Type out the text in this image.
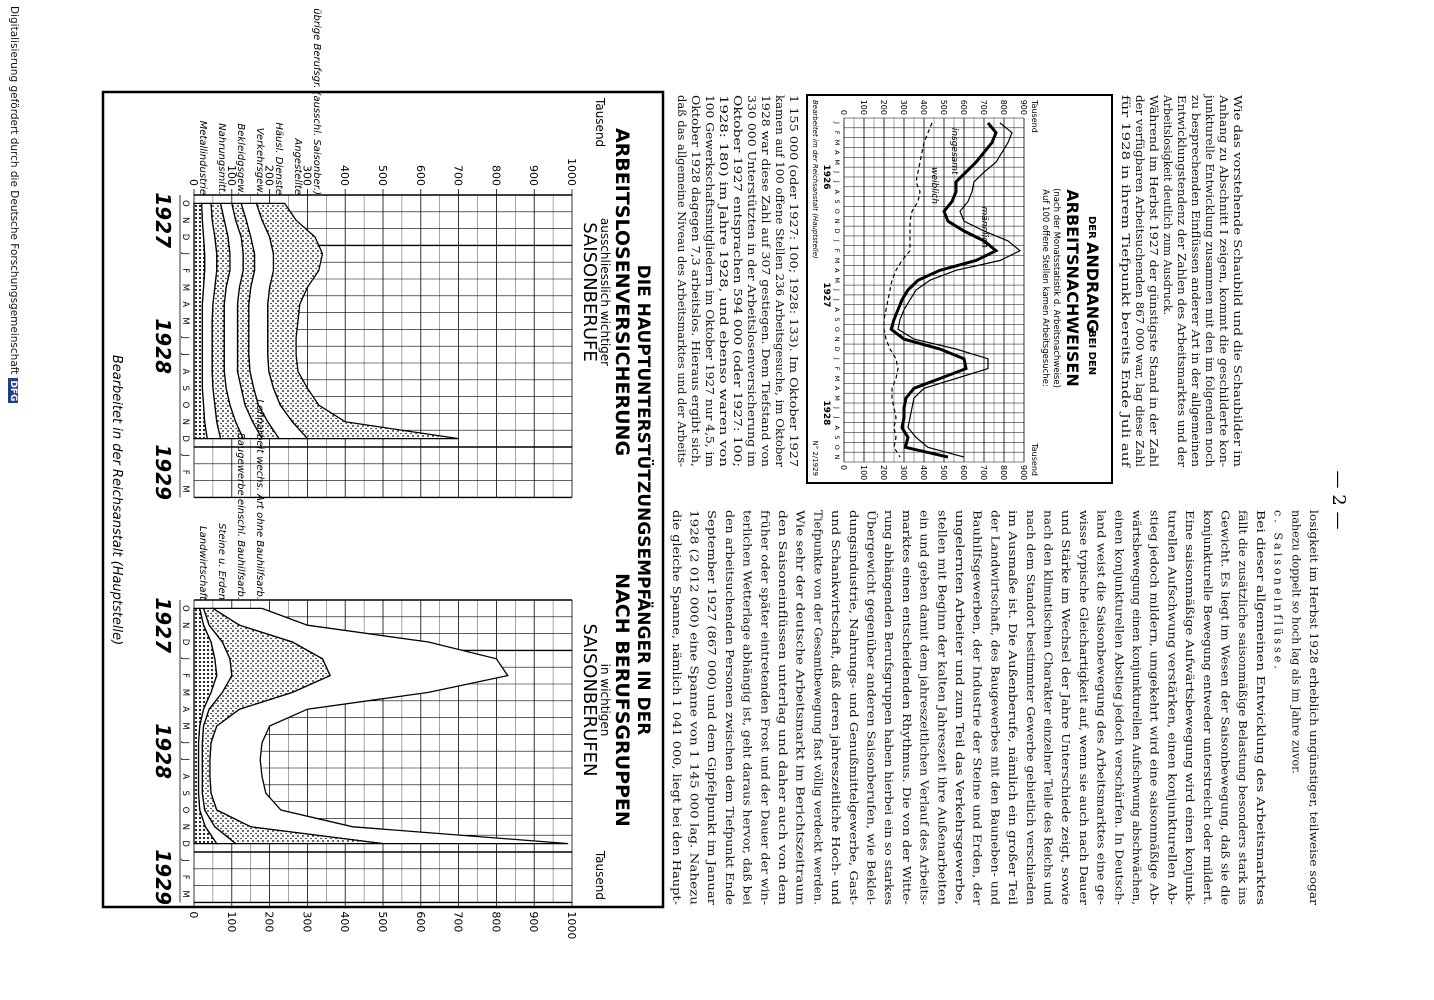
— 2 —
Wie das vorstehende Schaubild und die Schaubilder im
Anhang zu Abschnitt I zeigen, kommt die geschilderte kon-
junkturelle Entwicklung zusammen mit den im folgenden noch
zu besprechenden Einflüssen anderer Art in der allgemeinen
Entwicklungstendenz der Zahlen des Arbeitsmarktes und der
Arbeitslosigkeit deutlich zum Ausdruck.
Während im Herbst 1927 der günstigste Stand in der Zahl
der verfügbaren Arbeitsuchenden 867 000 war, lag diese Zahl
für 1928 in ihrem Tiefpunkt bereits Ende Juli auf
DER
ANDRANG
BEI DEN
ARBEITSNACHWEISEN
(nach der Monatsstatistik d. Arbeitsnachweise)
Auf 100 offene Stellen kamen Arbeitsgesuche:
Tausend
Tausend
0
0
100
100
200
200
300
300
400
400
500
500
600
600
700
700
800
800
900
900
J
F
M
A
M
J
J
A
S
O
N
D
J
F
M
A
M
J
J
A
S
O
N
D
J
F
M
A
M
J
J
A
S
O
N
1926
1927
1928
männlich
insgesamt
weiblich
Bearbeitet im der Reichsanstalt (Hauptstelle)
N° 2/1929
1 155 000 (oder 1927: 100; 1928: 133). Im Oktober 1927
kamen auf 100 offene Stellen 236 Arbeitsgesuche, im Oktober
1928 war diese Zahl auf 307 gestiegen. Dem Tiefstand von
330 000 Unterstützten in der Arbeitslosenversicherung im
Oktober 1927 entsprachen 594 000 (oder 1927: 100;
1928: 180) im Jahre 1928, und ebenso waren von
100 Gewerkschaftsmitgliedern im Oktober 1927 nur 4,5, im
Oktober 1928 dagegen 7,3 arbeitslos. Hieraus ergibt sich,
daß das allgemeine Niveau des Arbeitsmarktes und der Arbeits-
losigkeit im Herbst 1928 erheblich ungünstiger, teilweise sogar
nahezu doppelt so hoch lag als im Jahre zuvor.
c. Saisoneinflüsse.
Bei dieser allgemeinen Entwicklung des Arbeitsmarktes
fällt die zusätzliche saisonmäßige Belastung besonders stark ins
Gewicht. Es liegt im Wesen der Saisonbewegung, daß sie die
konjunkturelle Bewegung entweder unterstreicht oder mildert.
Eine saisonmäßige Aufwärtsbewegung wird einen konjunk-
turellen Aufschwung verstärken, einen konjunkturellen Ab-
stieg jedoch mildern, umgekehrt wird eine saisonmäßige Ab-
wärtsbewegung einen konjunkturellen Aufschwung abschwächen,
einen konjunkturellen Abstieg jedoch verschärfen. In Deutsch-
land weist die Saisonbewegung des Arbeitsmarktes eine ge-
wisse typische Gleichartigkeit auf, wenn sie auch nach Dauer
und Stärke im Wechsel der Jahre Unterschiede zeigt, sowie
nach den klimatischen Charakter einzelner Teile des Reichs und
nach dem Standort bestimmter Gewerbe gebietlich verschieden
im Ausmaße ist. Die Außenberufe, nämlich ein großer Teil
der Landwirtschaft, des Baugewerbes mit den Bauneben- und
Bauhilfsgewerben, der Industrie der Steine und Erden, der
ungelernten Arbeiter und zum Teil das Verkehrsgewerbe,
stellen mit Beginn der kalten Jahreszeit ihre Außenarbeiten
ein und geben damit dem jahreszeitlichen Verlauf des Arbeits-
marktes einen entscheidenden Rhythmus. Die von der Witte-
rung abhängenden Berufsgruppen haben hierbei ein so starkes
Übergewicht gegenüber anderen Saisonberufen, wie Beklei-
dungsindustrie, Nahrungs- und Genußmittelgewerbe, Gast-
und Schankwirtschaft, daß deren jahreszeitliche Hoch- und
Tiefpunkte von der Gesamtbewegung fast völlig verdeckt werden.
Wie sehr der deutsche Arbeitsmarkt im Berichtszeitraum
den Saisoneinflüssen unterlag und daher auch von dem
früher oder später eintretenden Frost und der Dauer der win-
terlichen Wetterlage abhängig ist, geht daraus hervor, daß bei
den arbeitsuchenden Personen zwischen dem Tiefpunkt Ende
September 1927 (867 000) und dem Gipfelpunkt im Januar
1928 (2 012 000) eine Spanne von 1 145 000 lag. Nahezu
die gleiche Spanne, nämlich 1 041 000, liegt bei den Haupt-
DIE HAUPTUNTERSTÜTZUNGSEMPFÄNGER IN DER
ARBEITSLOSENVERSICHERUNG
ausschliesslich wichtiger
SAISONBERUFE
NACH BERUFSGRUPPEN
in wichtigen
SAISONBERUFEN
Tausend
Tausend
0 100 200 300 400 500 600 700 800 900 1000
O
N
D
J
F
M
A
M
J
J
A
S
O
N
D
J
F
M
1927
1928
1929
Metallindustrie Nahrungsmitt. Bekleidgsgew. Verkehrsgew. Häusl. Dienste Angestellte übrige Berufsgr. (ausschl. Saisonber.)
0 100 200 300 400 500 600 700 800 900 1000
O
N
D
J
F
M
A
M
J
J
A
S
O
N
D
J
F
M
1927
1928
1929
Landwirtschaft Steine u. Erden Baugewerbe einschl. Bauhilfsarb. Lohnarbeit wechs. Art ohne Bauhilfsarb.
Bearbeitet in der Reichsanstalt (Hauptstelle)
Digitalisierung gefördert durch die Deutsche ForschungsgemeinschaftDFG
